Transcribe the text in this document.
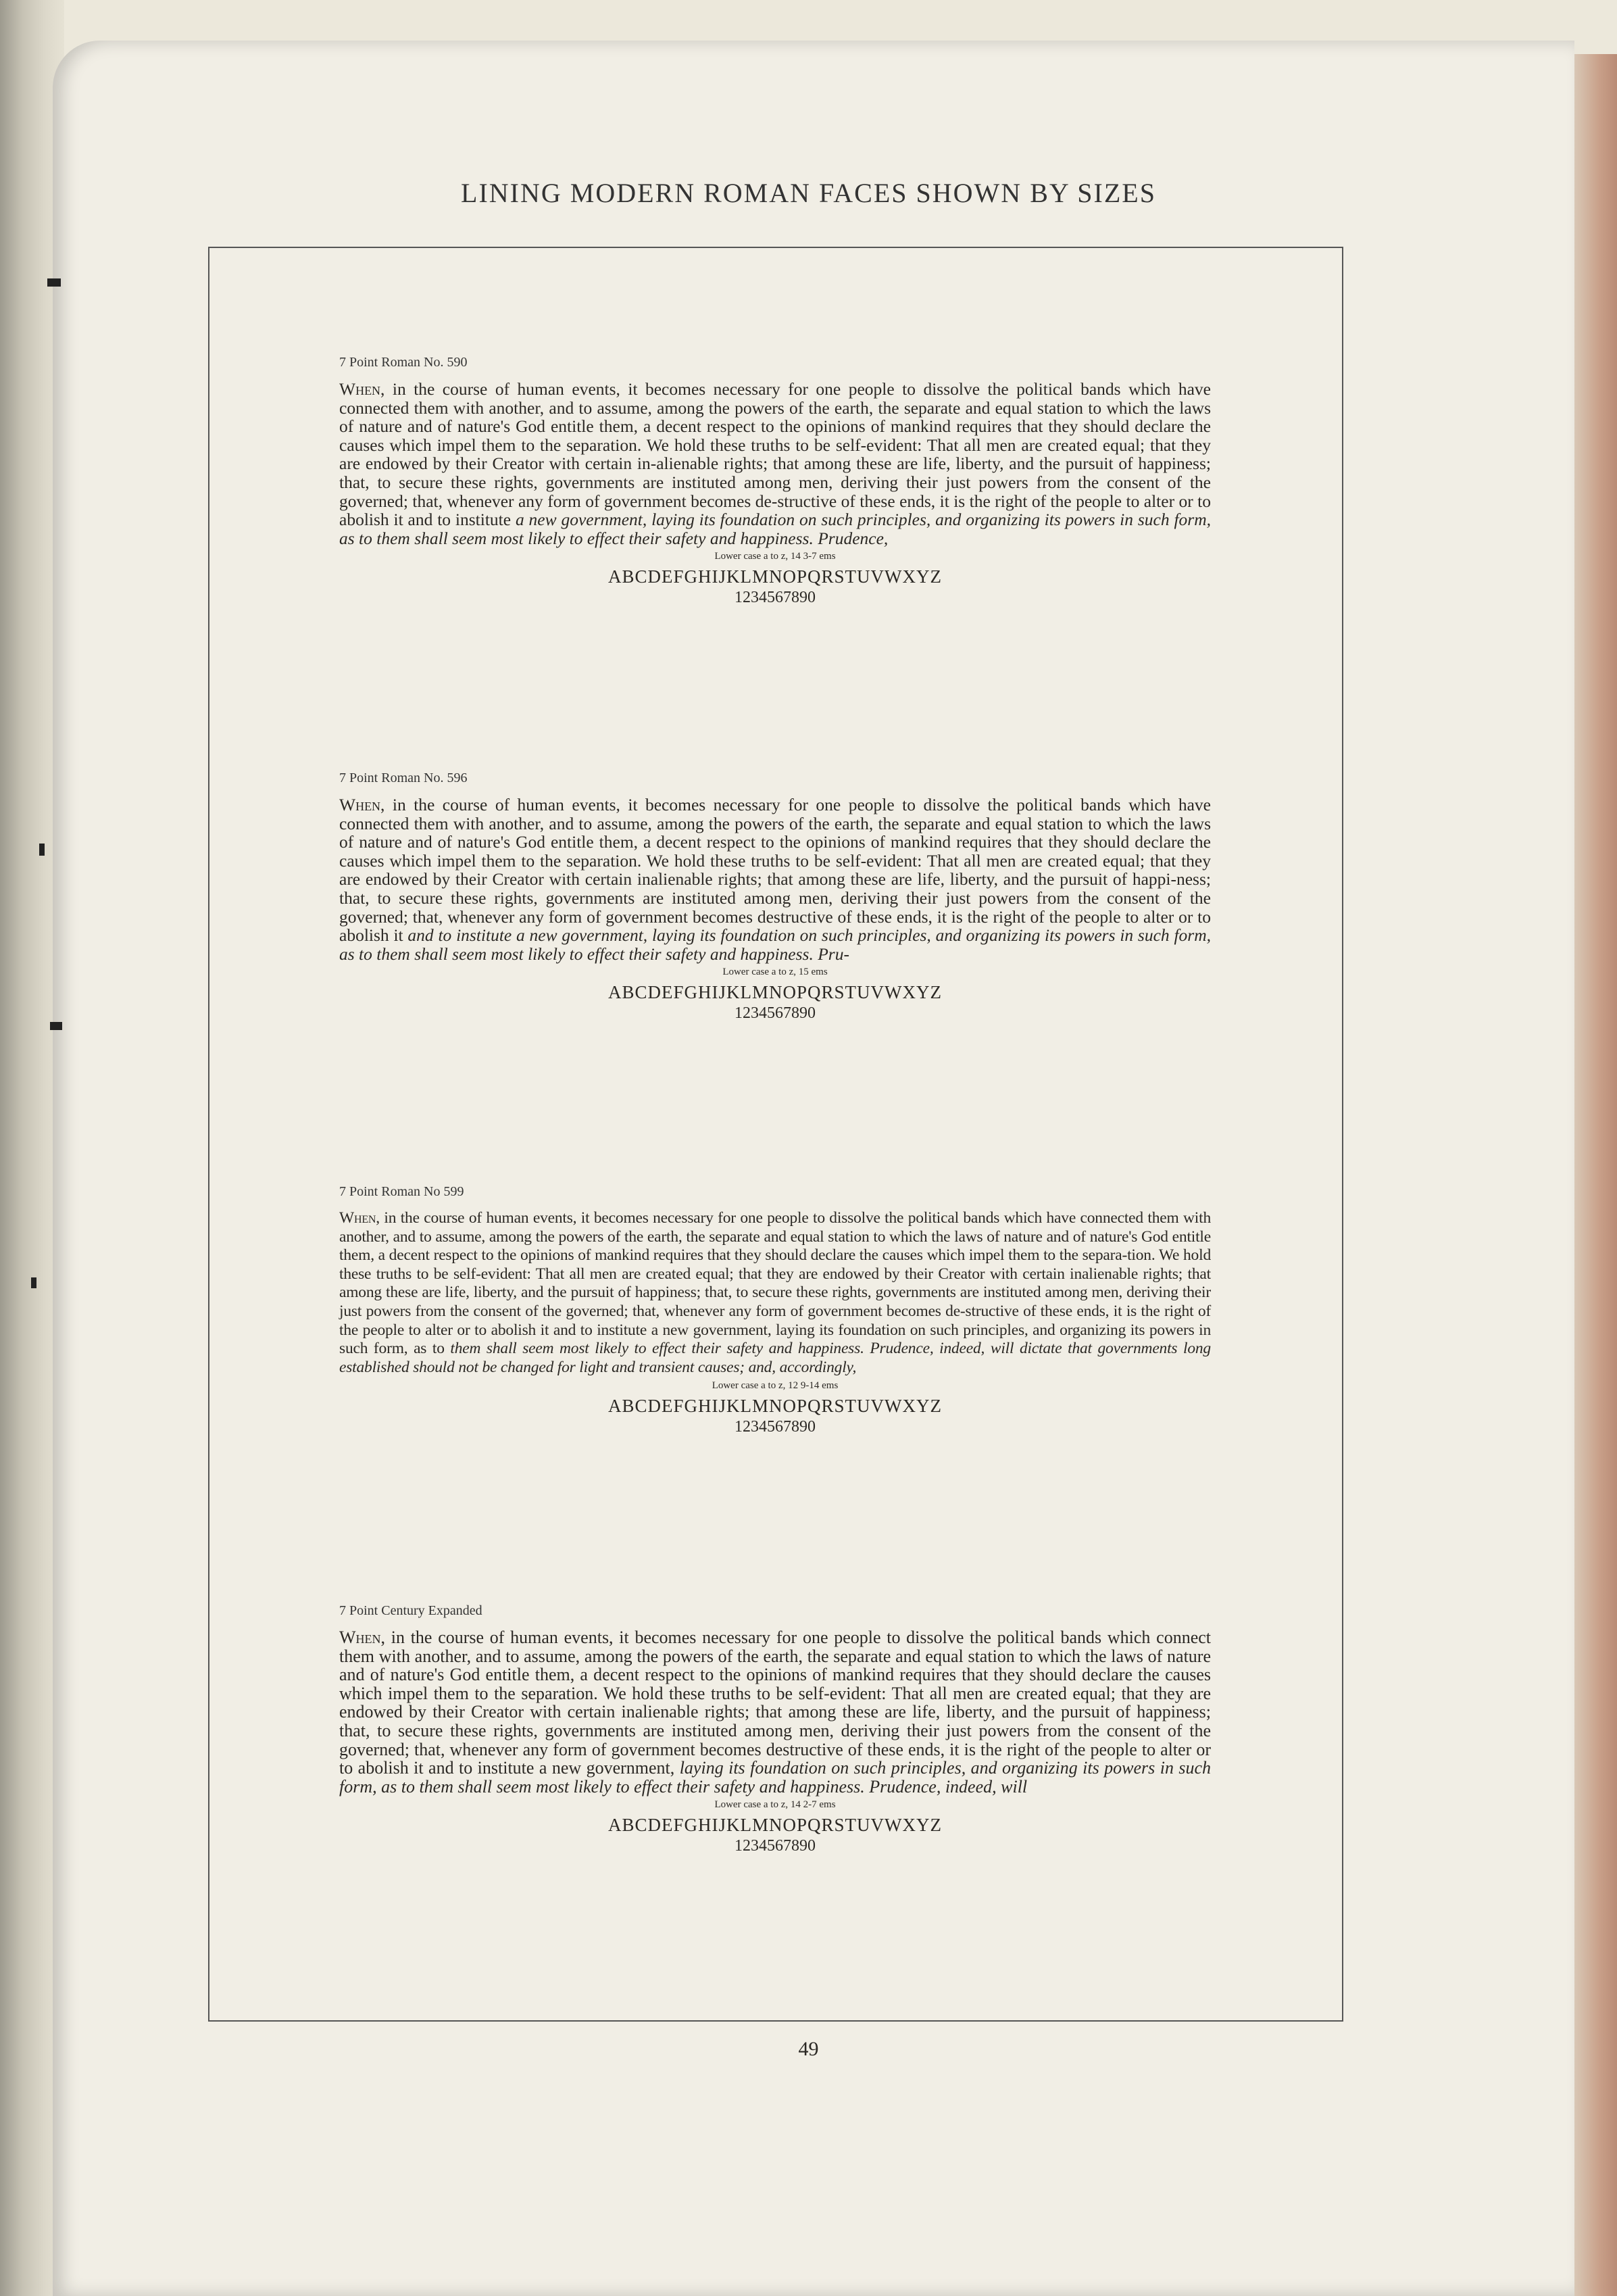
LINING MODERN ROMAN FACES SHOWN BY SIZES
7 Point Roman No. 590
When, in the course of human events, it becomes necessary for one people to dissolve the political bands which have connected them with another, and to assume, among the powers of the earth, the separate and equal station to which the laws of nature and of nature's God entitle them, a decent respect to the opinions of mankind requires that they should declare the causes which impel them to the separation. We hold these truths to be self-evident: That all men are created equal; that they are endowed by their Creator with certain in-alienable rights; that among these are life, liberty, and the pursuit of happiness; that, to secure these rights, governments are instituted among men, deriving their just powers from the consent of the governed; that, whenever any form of government becomes de-structive of these ends, it is the right of the people to alter or to abolish it and to institute a new government, laying its foundation on such principles, and organizing its powers in such form, as to them shall seem most likely to effect their safety and happiness. Prudence,
Lower case a to z, 14 3-7 ems
ABCDEFGHIJKLMNOPQRSTUVWXYZ
1234567890
7 Point Roman No. 596
When, in the course of human events, it becomes necessary for one people to dissolve the political bands which have connected them with another, and to assume, among the powers of the earth, the separate and equal station to which the laws of nature and of nature's God entitle them, a decent respect to the opinions of mankind requires that they should declare the causes which impel them to the separation. We hold these truths to be self-evident: That all men are created equal; that they are endowed by their Creator with certain inalienable rights; that among these are life, liberty, and the pursuit of happi-ness; that, to secure these rights, governments are instituted among men, deriving their just powers from the consent of the governed; that, whenever any form of government becomes destructive of these ends, it is the right of the people to alter or to abolish it and to institute a new government, laying its foundation on such principles, and organizing its powers in such form, as to them shall seem most likely to effect their safety and happiness. Pru-
Lower case a to z, 15 ems
ABCDEFGHIJKLMNOPQRSTUVWXYZ
1234567890
7 Point Roman No 599
When, in the course of human events, it becomes necessary for one people to dissolve the political bands which have connected them with another, and to assume, among the powers of the earth, the separate and equal station to which the laws of nature and of nature's God entitle them, a decent respect to the opinions of mankind requires that they should declare the causes which impel them to the separa-tion. We hold these truths to be self-evident: That all men are created equal; that they are endowed by their Creator with certain inalienable rights; that among these are life, liberty, and the pursuit of happiness; that, to secure these rights, governments are instituted among men, deriving their just powers from the consent of the governed; that, whenever any form of government becomes de-structive of these ends, it is the right of the people to alter or to abolish it and to institute a new government, laying its foundation on such principles, and organizing its powers in such form, as to them shall seem most likely to effect their safety and happiness. Prudence, indeed, will dictate that governments long established should not be changed for light and transient causes; and, accordingly,
Lower case a to z, 12 9-14 ems
ABCDEFGHIJKLMNOPQRSTUVWXYZ
1234567890
7 Point Century Expanded
When, in the course of human events, it becomes necessary for one people to dissolve the political bands which connect them with another, and to assume, among the powers of the earth, the separate and equal station to which the laws of nature and of nature's God entitle them, a decent respect to the opinions of mankind requires that they should declare the causes which impel them to the separation. We hold these truths to be self-evident: That all men are created equal; that they are endowed by their Creator with certain inalienable rights; that among these are life, liberty, and the pursuit of happiness; that, to secure these rights, governments are instituted among men, deriving their just powers from the consent of the governed; that, whenever any form of government becomes destructive of these ends, it is the right of the people to alter or to abolish it and to institute a new government, laying its foundation on such principles, and organizing its powers in such form, as to them shall seem most likely to effect their safety and happiness. Prudence, indeed, will
Lower case a to z, 14 2-7 ems
ABCDEFGHIJKLMNOPQRSTUVWXYZ
1234567890
49
